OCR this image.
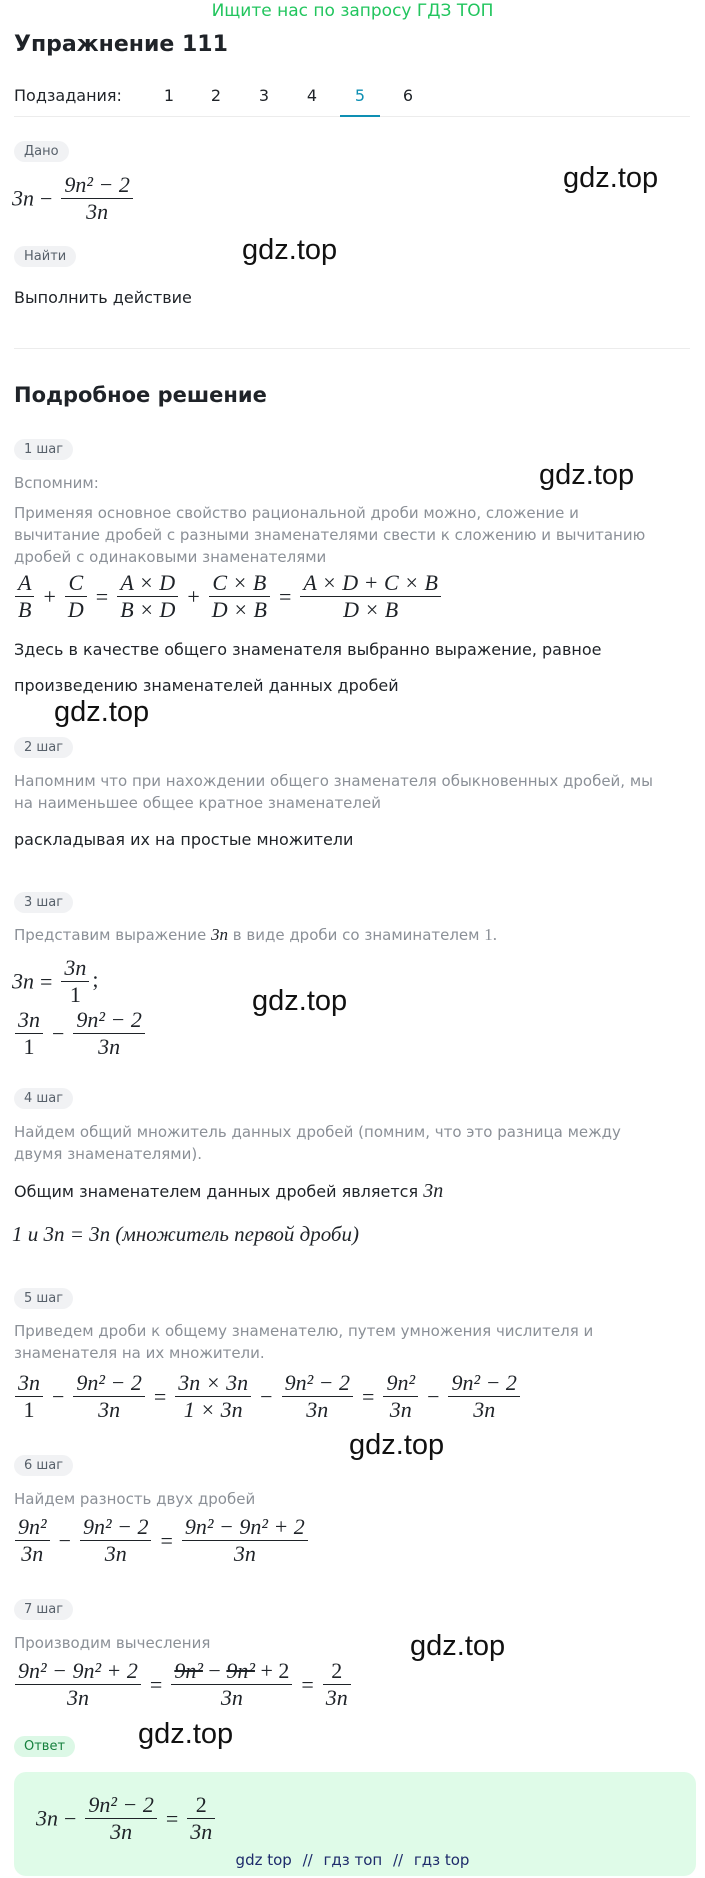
Ищите нас по запросу ГДЗ ТОП
Упражнение 111
Подзадания:	1	2	3	4	5	6
Дано
$3n - \frac{\text{9n² − 2}}{3n}$	gdz.top
Найти	gdz.top
Выполнить действие
Подробное решение
1 шаг
gdz.top
Вспомним:
Применяя основное свойство рациональной дроби можно, сложение и вычитание дробей с разными знаменателями свести к сложению и вычитанию дробей с одинаковыми знаменателями
$\frac{A}{B} + \frac{C}{D} = \frac{A \times D}{B \times D} + \frac{C \times B}{D \times B} = \frac{A \times D + C \times B}{D \times B}$
Здесь в качестве общего знаменателя выбранно выражение, равное
произведению знаменателей данных дробей
gdz.top
2 шаг
Напомним что при нахождении общего знаменателя обыкновенных дробей, мы на наименьшее общее кратное знаменателей
раскладывая их на простые множители
3 шаг
Представим выражение 3n в виде дроби со знаминателем 1.
$3n = \frac{3n}{1}$ ;
gdz.top
$\frac{3n}{1} - \frac{\text{9n² − 2}}{3n}$
4 шаг
Найдем общий множитель данных дробей (помним, что это разница между двумя знаменателями).
Общим знаменателем данных дробей является 3n
1 и 3n = 3n (множитель первой дроби)
5 шаг
Приведем дроби к общему знаменателю, путем умножения числителя и знаменателя на их множители.
$\frac{3n}{1} - \frac{\text{9n² − 2}}{3n} = \frac{3n \times 3n}{1 \times 3n} - \frac{\text{9n² − 2}}{3n} = \frac{\text{9n²}}{3n} - \frac{\text{9n² − 2}}{3n}$
gdz.top
6 шаг
Найдем разность двух дробей
$\frac{\text{9n²}}{3n} - \frac{\text{9n² − 2}}{3n} = \frac{\text{9n² − 9n² + 2}}{3n}$
7 шаг
gdz.top
Производим вычесления
$\frac{\text{9n² − 9n² + 2}}{3n} = \frac{\text{9n² − 9n² + 2}}{3n} = \frac{2}{3n}$
Ответ	gdz.top
$3n - \frac{\text{9n² − 2}}{3n} = \frac{2}{3n}$
gdz top // гдз топ // гдз top
